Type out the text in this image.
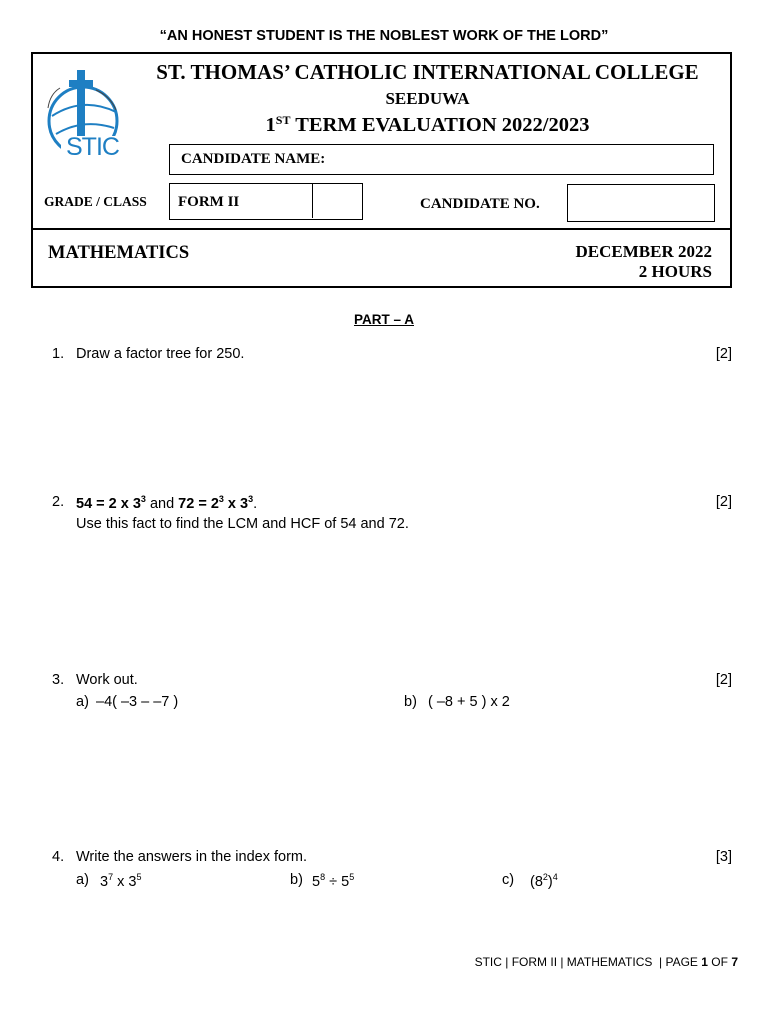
“AN HONEST STUDENT IS THE NOBLEST WORK OF THE LORD”
STIC
ST. THOMAS’ CATHOLIC INTERNATIONAL COLLEGE
SEEDUWA
1ST TERM EVALUATION 2022/2023
CANDIDATE NAME:
GRADE / CLASS FORM II	CANDIDATE NO.
MATHEMATICS	DECEMBER 2022
2 HOURS
PART – A
1. Draw a factor tree for 250.	[2]
2. 54 = 2 x $3^3$ and $72 = 2^3$ x $3^3$.
Use this fact to find the LCM and HCF of 54 and 72.
[2]
3. Work out.	[2]
a) –4( –3 – –7 )	b) ( –8 + 5 ) x 2
4. Write the answers in the index form.	[3]
a) $3^7$ x $3^5$	b) $5^8 \div 5^5$	c) $(8^2)^4$
STIC | FORM II | MATHEMATICS  | PAGE 1 OF 7
